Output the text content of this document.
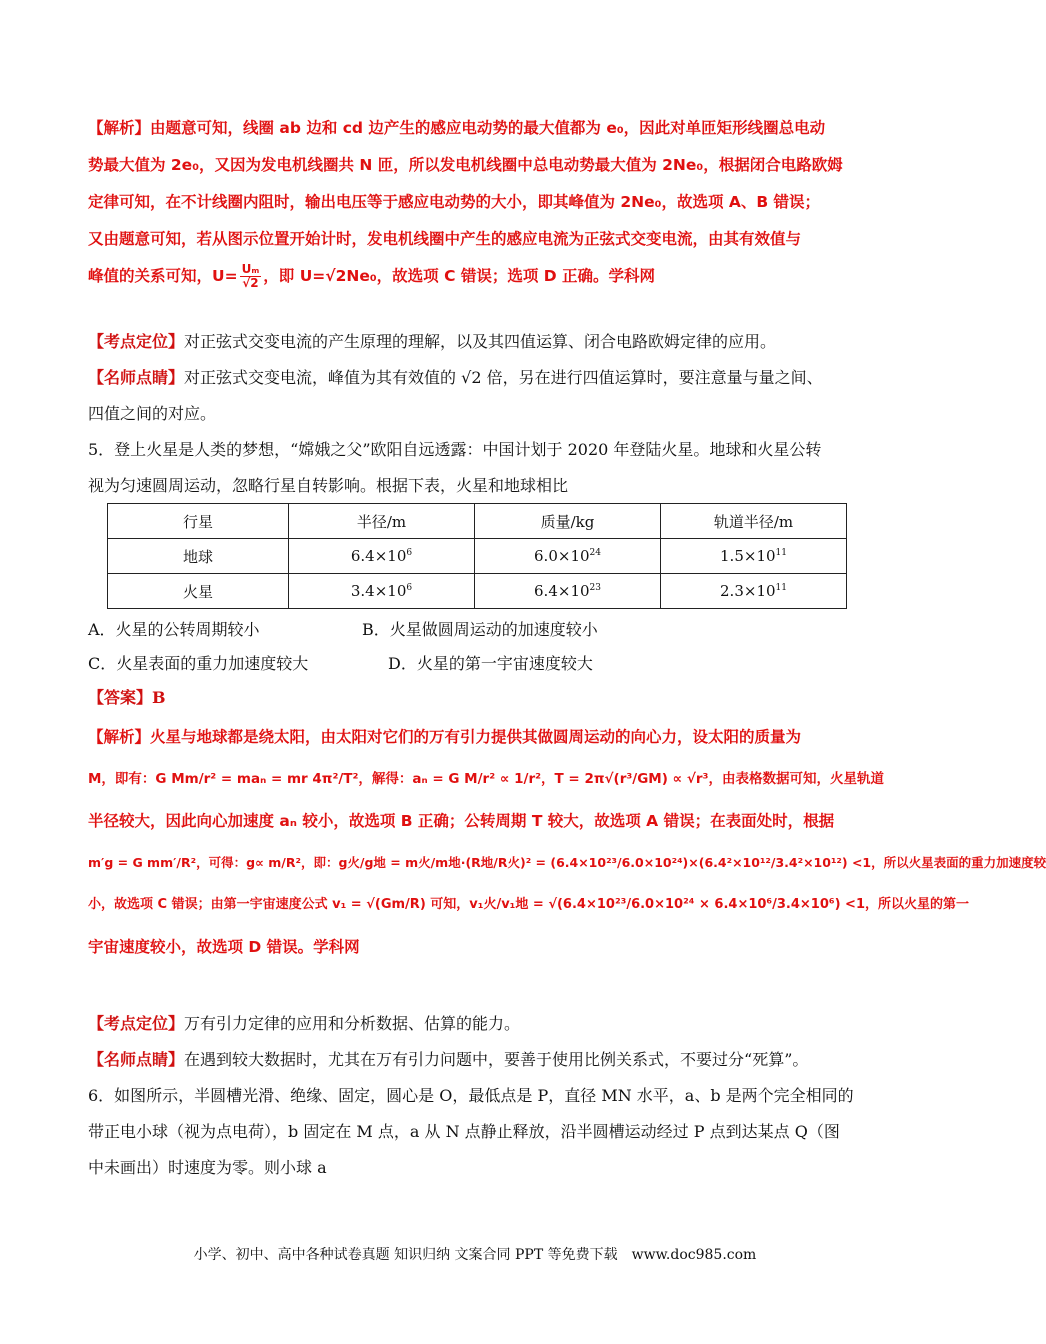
【解析】由题意可知，线圈 ab 边和 cd 边产生的感应电动势的最大值都为 e₀，因此对单匝矩形线圈总电动
势最大值为 2e₀，又因为发电机线圈共 N 匝，所以发电机线圈中总电动势最大值为 2Ne₀，根据闭合电路欧姆
定律可知，在不计线圈内阻时，输出电压等于感应电动势的大小，即其峰值为 2Ne₀，故选项 A、B 错误；
又由题意可知，若从图示位置开始计时，发电机线圈中产生的感应电流为正弦式交变电流，由其有效值与
峰值的关系可知，$U= \frac{\text{Uₘ}}{√2}$ ，即 U=√2Ne₀，故选项 C 错误；选项 D 正确。学科网
【考点定位】对正弦式交变电流的产生原理的理解，以及其四值运算、闭合电路欧姆定律的应用。
【名师点睛】对正弦式交变电流，峰值为其有效值的 √2 倍，另在进行四值运算时，要注意量与量之间、
四值之间的对应。
5．登上火星是人类的梦想，“嫦娥之父”欧阳自远透露：中国计划于 2020 年登陆火星。地球和火星公转
视为匀速圆周运动，忽略行星自转影响。根据下表，火星和地球相比
行星	半径/m	质量/kg	轨道半径/m
地球	$6.4\times 10^6$	$6.0\times 10^{24}$	$1.5\times 10^{11}$
火星	$3.4\times 10^6$	$6.4\times 10^{23}$	$2.3\times 10^{11}$
A．火星的公转周期较小	B．火星做圆周运动的加速度较小
C．火星表面的重力加速度较大	D．火星的第一宇宙速度较大
【答案】B
【解析】火星与地球都是绕太阳，由太阳对它们的万有引力提供其做圆周运动的向心力，设太阳的质量为
M，即有：G Mm/r² = maₙ = mr 4π²/T²，解得：aₙ = G M/r² ∝ 1/r²，T = 2π√(r³/GM) ∝ √r³，由表格数据可知，火星轨道
半径较大，因此向心加速度 aₙ 较小，故选项 B 正确；公转周期 T 较大，故选项 A 错误；在表面处时，根据
m′g = G mm′/R²，可得：g∝ m/R²，即：g火/g地 = m火/m地·(R地/R火)² = (6.4×10²³/6.0×10²⁴)×(6.4²×10¹²/3.4²×10¹²) <1，所以火星表面的重力加速度较
小，故选项 C 错误；由第一宇宙速度公式 v₁ = √(Gm/R) 可知，v₁火/v₁地 = √(6.4×10²³/6.0×10²⁴ × 6.4×10⁶/3.4×10⁶) <1，所以火星的第一
宇宙速度较小，故选项 D 错误。学科网
【考点定位】万有引力定律的应用和分析数据、估算的能力。
【名师点睛】在遇到较大数据时，尤其在万有引力问题中，要善于使用比例关系式，不要过分“死算”。
6．如图所示，半圆槽光滑、绝缘、固定，圆心是 O，最低点是 P，直径 MN 水平，a、b 是两个完全相同的
带正电小球（视为点电荷），b 固定在 M 点，a 从 N 点静止释放，沿半圆槽运动经过 P 点到达某点 Q（图
中未画出）时速度为零。则小球 a
小学、初中、高中各种试卷真题 知识归纳 文案合同 PPT 等免费下载　www.doc985.com
